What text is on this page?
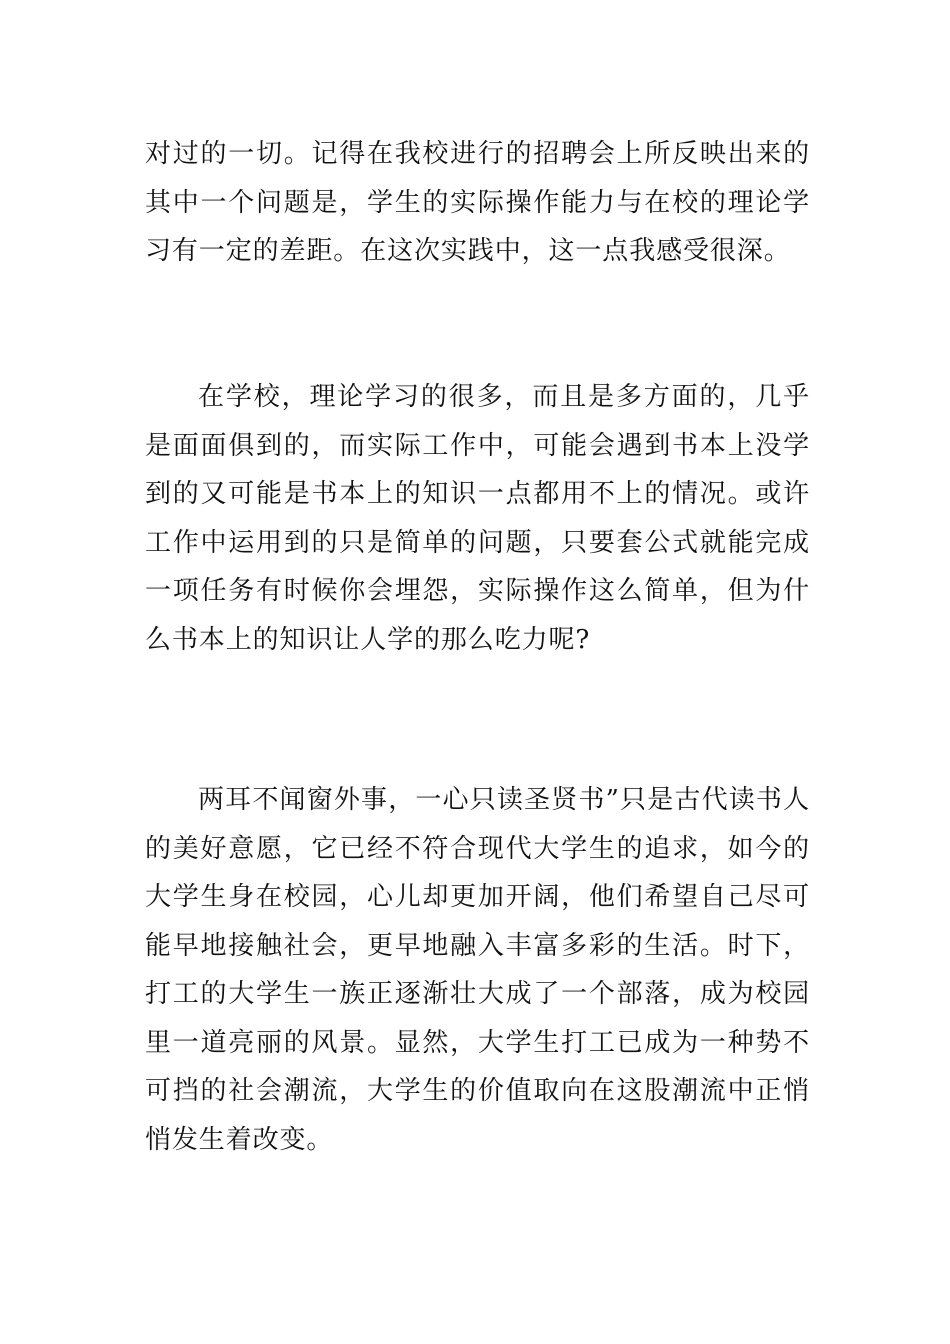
对过的一切。记得在我校进行的招聘会上所反映出来的其中一个问题是，学生的实际操作能力与在校的理论学习有一定的差距。在这次实践中，这一点我感受很深。

在学校，理论学习的很多，而且是多方面的，几乎是面面俱到的，而实际工作中，可能会遇到书本上没学到的又可能是书本上的知识一点都用不上的情况。或许工作中运用到的只是简单的问题，只要套公式就能完成一项任务有时候你会埋怨，实际操作这么简单，但为什么书本上的知识让人学的那么吃力呢?

两耳不闻窗外事，一心只读圣贤书”只是古代读书人的美好意愿，它已经不符合现代大学生的追求，如今的大学生身在校园，心儿却更加开阔，他们希望自己尽可能早地接触社会，更早地融入丰富多彩的生活。时下，打工的大学生一族正逐渐壮大成了一个部落，成为校园里一道亮丽的风景。显然，大学生打工已成为一种势不可挡的社会潮流，大学生的价值取向在这股潮流中正悄悄发生着改变。
